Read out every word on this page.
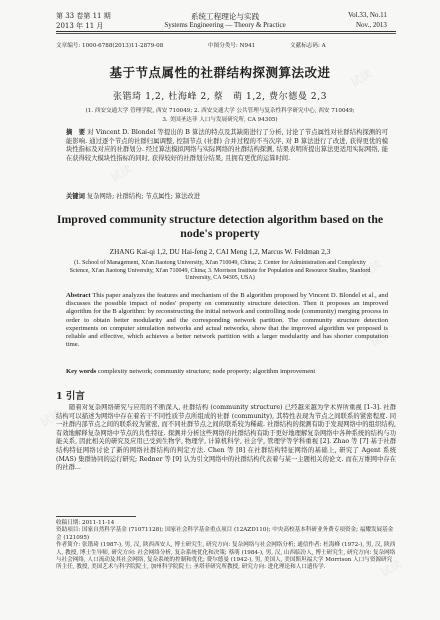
试读
试读
试读
试读
试读
试读
第 33 卷第 11 期
2013 年 11 月
系统工程理论与实践
Systems Engineering — Theory & Practice
Vol.33, No.11
Nov., 2013
文章编号: 1000-6788(2013)11-2879-08	中图分类号: N941	文献标志码: A
基于节点属性的社群结构探测算法改进
张锴琦 1,2, 杜海峰 2, 蔡　萌 1,2, 费尔德曼 2,3
(1. 西安交通大学 管理学院, 西安 710049; 2. 西安交通大学 公共管理与复杂性科学研究中心, 西安 710049;
3. 美国圣达菲 人口与发展研究所, CA 94305)
摘　要 对 Vincent D. Blondel 等提出的 B 算法的特点及其缺陷进行了分析, 讨论了节点属性对社群结构探测的可能影响. 通过逐个节点的社群归属调整, 控制节点 (社群) 合并过程的不当次序, 对 B 算法进行了改进, 获得更优的模块性指标及对应的社群划分. 经过算法模拟网络与实际网络的社群结构探测, 结果表明所提出算法更适用实际网络, 能在获得较大模块性指标的同时, 获得较好的社群划分结果, 且拥有更优的运算时间.
关键词 复杂网络; 社群结构; 节点属性; 算法改进
Improved community structure detection algorithm based on the
node's property
ZHANG Kai-qi 1,2, DU Hai-feng 2, CAI Meng 1,2, Marcus W. Feldman 2,3
(1. School of Management, Xi'an Jiaotong University, Xi'an 710049, China; 2. Center for Administration and Complexity Science, Xi'an Jiaotong University, Xi'an 710049, China; 3. Morrison Institute for Population and Resource Studies, Stanford University, CA 94305, USA)
Abstract This paper analyzes the features and mechanism of the B algorithm proposed by Vincent D. Blondel et al., and discusses the possible impact of nodes' property on community structure detection. Then it proposes an improved algorithm for the B algorithm: by reconstructing the initial network and controlling node (community) merging process in order to obtain better modularity and the corresponding network partition. The community structure detection experiments on computer simulation networks and actual networks, show that the improved algorithm we proposed is reliable and effective, which achieves a better network partition with a larger modularity and has shorter computation time.
Key words complexity network; community structure; node property; algorithm improvement
1 引言
随着对复杂网络研究与应用的不断深入, 社群结构 (community structure) 已经越来越为学术界所重视 [1-3]. 社群结构可以描述为网络中存在着若干不同性质节点所组成的社群 (community), 其特性表现为节点之间联系的紧密程度. 同一社群内部节点之间的联系较为紧密, 而不同社群节点之间的联系较为稀疏. 社群结构的探测有助于发现网络中的组织结构, 有效地解释复杂网络中节点的共性特征. 探测并分析这些网络的社群结构有助于更好地理解复杂网络中各种系统的结构与功能关系, 因此相关的研究及应用已受到生物学, 物理学, 计算机科学, 社会学, 管理学等学科重视 [2]. Zhao 等 [7] 基于社群结构特征网络讨论了新的网络社群结构的判定方法. Chen 等 [8] 在社群结构特征网络的基础上, 研究了 Agent 系统 (MAS) 集群协同的运行研究; Redner 等 [9] 认为引文网络中的社群结构代表着与某一主题相关的论文. 而在万维网中存在的社群...
收稿日期: 2011-11-14
资助项目: 国家自然科学基金 (71071128); 国家社会科学基金重点项目 (12AZD110); 中央高校基本科研业务费专项资金; 福耀发展基金会 (121095)
作者简介: 张锴琦 (1987-), 男, 汉, 陕西西安人, 博士研究生, 研究方向: 复杂网络与社会网络分析; 通信作者: 杜海峰 (1972-), 男, 汉, 陕西人, 教授, 博士生导师, 研究方向: 社会网络分析, 复杂系统优化和决策; 蔡萌 (1984-), 男, 汉, 山西临汾人, 博士研究生, 研究方向: 复杂网络与社会网络, 人口流动及其社会网络, 复杂系统的控制和优化; 费尔德曼 (1942-), 男, 美国人, 美国斯坦福大学 Morrison 人口与资源研究所主任, 教授, 美国艺术与科学院院士, 加州科学院院士; 圣塔菲研究所教授, 研究方向: 进化理论和人口遗传学.
